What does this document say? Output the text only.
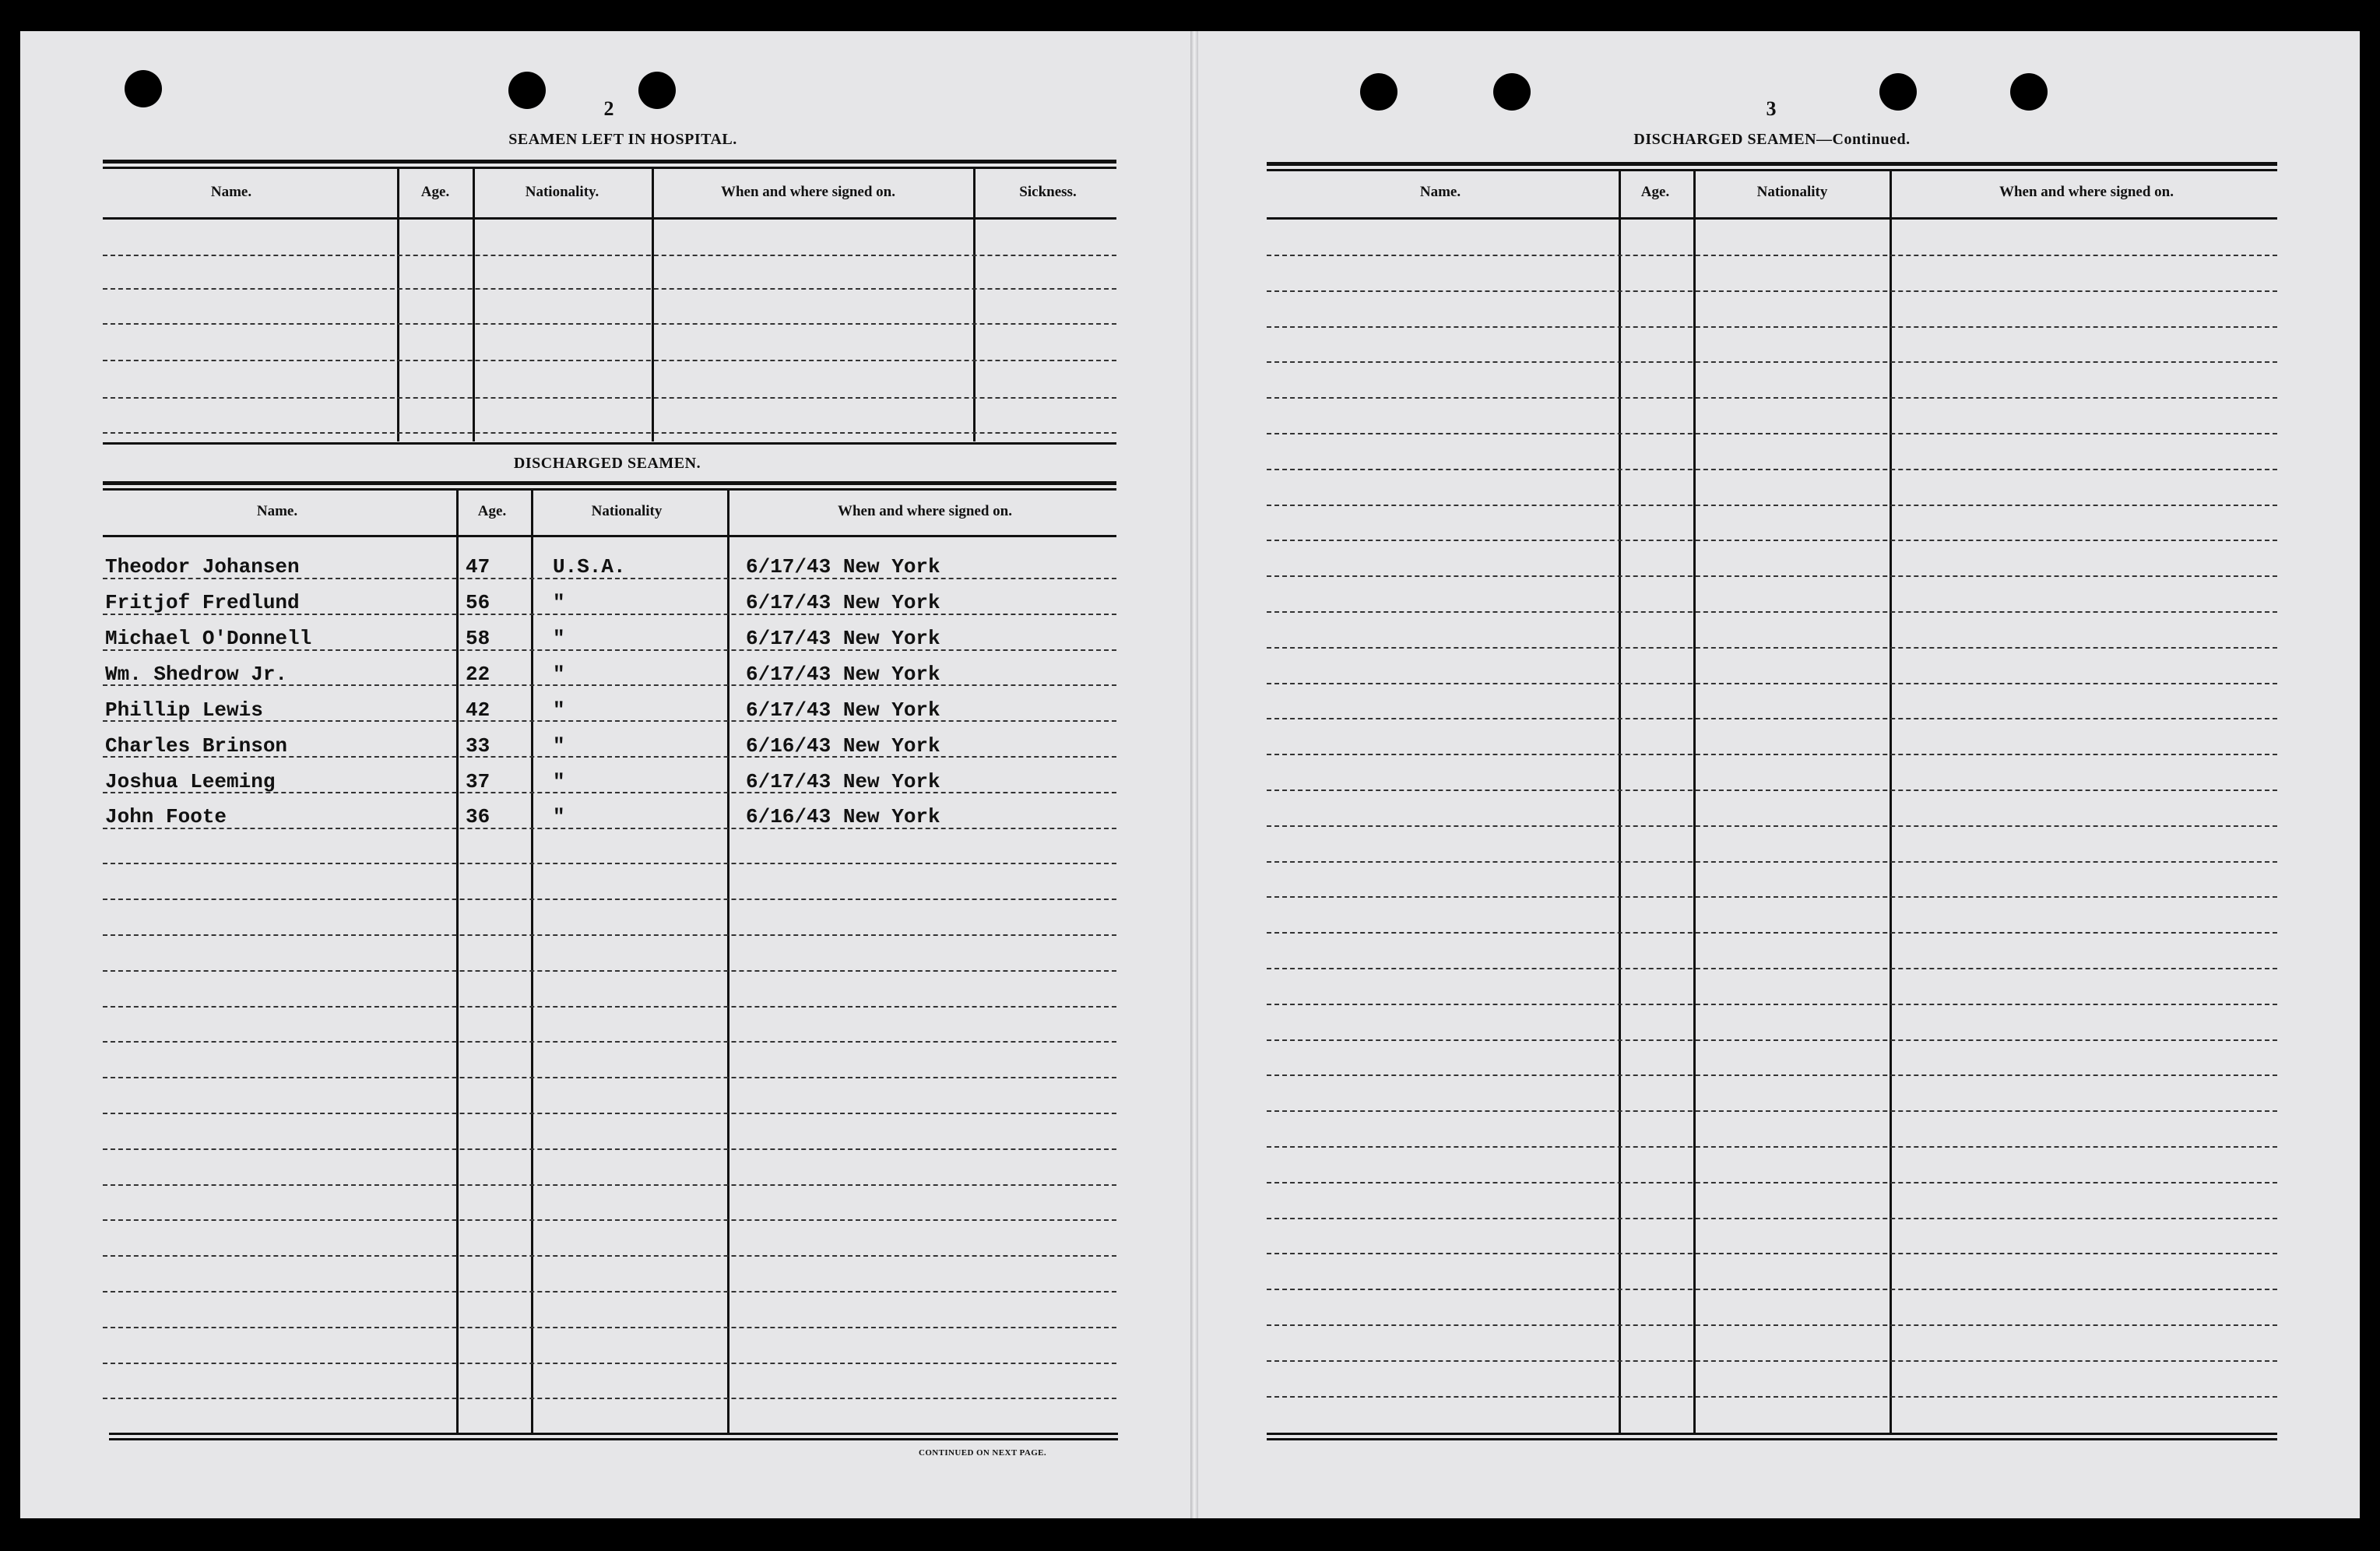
2
SEAMEN LEFT IN HOSPITAL.
Name.	Age.	Nationality.	When and where signed on.	Sickness.
DISCHARGED SEAMEN.
Name.	Age.	Nationality	When and where signed on.
Theodor Johansen	47	U.S.A.	6/17/43 New York
Fritjof Fredlund	56	"	6/17/43 New York
Michael O'Donnell	58	"	6/17/43 New York
Wm. Shedrow Jr.	22	"	6/17/43 New York
Phillip Lewis	42	"	6/17/43 New York
Charles Brinson	33	"	6/16/43 New York
Joshua Leeming	37	"	6/17/43 New York
John Foote	36	"	6/16/43 New York
CONTINUED ON NEXT PAGE.
3
DISCHARGED SEAMEN—Continued.
Name.	Age.	Nationality	When and where signed on.
